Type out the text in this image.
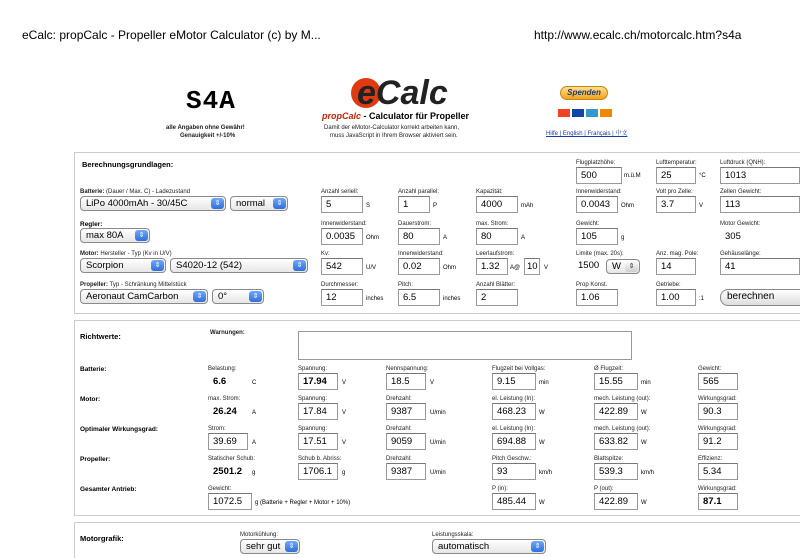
eCalc: propCalc - Propeller eMotor Calculator (c) by M...	http://www.ecalc.ch/motorcalc.htm?s4a
S4A
alle Angaben ohne Gewähr!
Genauigkeit +/-10%
eCalc
propCalc - Calculator für Propeller
Damit der eMotor-Calculator korrekt arbeiten kann,
muss JavaScript in Ihrem Browser aktiviert sein.
Spenden
Hilfe | English | Français | 中文
Berechnungsgrundlagen:	Flugplatzhöhe:
500	m.ü.M
Lufttemperatur:
25	°C
Luftdruck (QNH):
1013
Batterie: (Dauer / Max. C) - Ladezustand
LiPo 4000mAh - 30/45C	⇕	normal	⇕
Anzahl seriell:
5	S
Anzahl parallel:
1	P
Kapazität:
4000	mAh
Innenwiderstand:
0.0043	Ohm
Volt pro Zelle:
3.7	V
Zellen Gewicht:
113
Regler:
max 80A	⇕
Innenwiderstand:
0.0035	Ohm
Dauerstrom:
80	A
max. Strom:
80	A
Gewicht:
105	g
Motor Gewicht:
305
Motor: Hersteller - Typ (Kv in U/V)
Scorpion	⇕	S4020-12 (542)	⇕
Kv:
542	U/V
Innenwiderstand:
0.02	Ohm
Leerlaufstrom:
1.32	A@ 10	V
Limite (max. 20s):
1500	W	⇕
Anz. mag. Pole:
14
Gehäuselänge:
41
Propeller: Typ - Schränkung Mittelstück
Aeronaut CamCarbon	⇕	0°	⇕
Durchmesser:
12	inches
Pitch:
6.5	inches
Anzahl Blätter:
2
Prop Konst.
1.06
Getriebe:
1.00	:1	berechnen
Richtwerte:	Warnungen:
Batterie:	Belastung:
6.6	C
Spannung:
17.94	V
Nennspannung:
18.5	V
Flugzeit bei Vollgas:
9.15	min
Ø Flugzeit:
15.55	min
Gewicht:
565
Motor:	max. Strom:
26.24	A
Spannung:
17.84	V
Drehzahl:
9387	U/min
el. Leistung (In):
468.23	W
mech. Leistung (out):
422.89	W
Wirkungsgrad:
90.3
Optimaler Wirkungsgrad:	Strom:
39.69	A
Spannung:
17.51	V
Drehzahl:
9059	U/min
el. Leistung (In):
694.88	W
mech. Leistung (out):
633.82	W
Wirkungsgrad:
91.2
Propeller:	Statischer Schub:
2501.2	g
Schub b. Abriss:
1706.1	g
Drehzahl:
9387	U/min
Pitch Geschw.:
93	km/h
Blattspitze:
539.3	km/h
Effizienz:
5.34
Gesamter Antrieb:	Gewicht:
1072.5	g (Batterie + Regler + Motor + 10%)
P (in):
485.44	W
P (out):
422.89	W
Wirkungsgrad:
87.1
Motorgrafik:	Motorkühlung:
sehr gut	⇕
Leistungsskala:
automatisch	⇕
